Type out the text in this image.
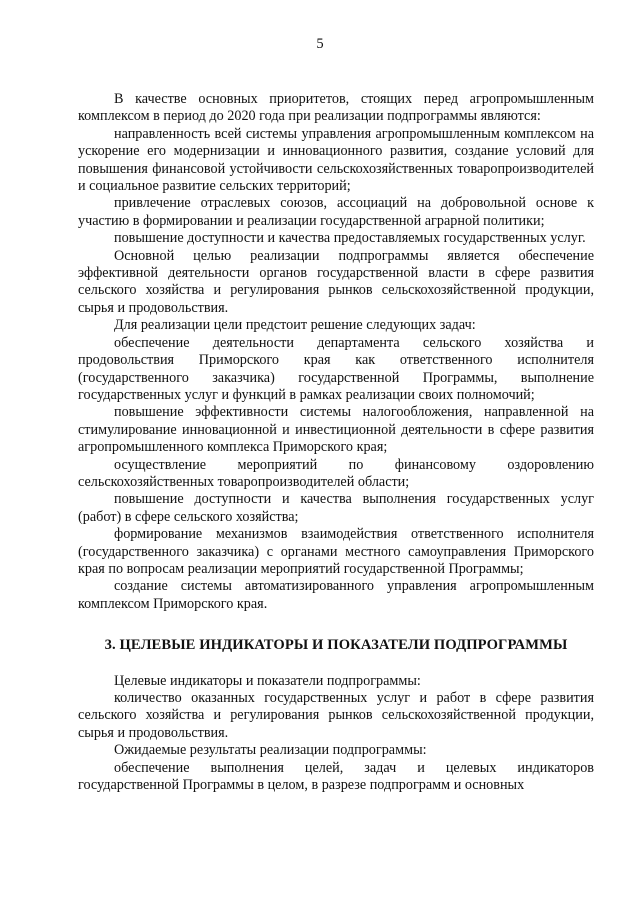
5

В качестве основных приоритетов, стоящих перед агропромышленным комплексом в период до 2020 года при реализации подпрограммы являются:

направленность всей системы управления агропромышленным комплексом на ускорение его модернизации и инновационного развития, создание условий для повышения финансовой устойчивости сельскохозяйственных товаропроизводителей и социальное развитие сельских территорий;

привлечение отраслевых союзов, ассоциаций на добровольной основе к участию в формировании и реализации государственной аграрной политики;

повышение доступности и качества предоставляемых государственных услуг.

Основной целью реализации подпрограммы является обеспечение эффективной деятельности органов государственной власти в сфере развития сельского хозяйства и регулирования рынков сельскохозяйственной продукции, сырья и продовольствия.

Для реализации цели предстоит решение следующих задач:

обеспечение деятельности департамента сельского хозяйства и продовольствия Приморского края как ответственного исполнителя (государственного заказчика) государственной Программы, выполнение государственных услуг и функций в рамках реализации своих полномочий;

повышение эффективности системы налогообложения, направленной на стимулирование инновационной и инвестиционной деятельности в сфере развития агропромышленного комплекса Приморского края;

осуществление мероприятий по финансовому оздоровлению сельскохозяйственных товаропроизводителей области;

повышение доступности и качества выполнения государственных услуг (работ) в сфере сельского хозяйства;

формирование механизмов взаимодействия ответственного исполнителя (государственного заказчика) с органами местного самоуправления Приморского края по вопросам реализации мероприятий государственной Программы;

создание системы автоматизированного управления агропромышленным комплексом Приморского края.

3. ЦЕЛЕВЫЕ ИНДИКАТОРЫ И ПОКАЗАТЕЛИ ПОДПРОГРАММЫ

Целевые индикаторы и показатели подпрограммы:

количество оказанных государственных услуг и работ в сфере развития сельского хозяйства и регулирования рынков сельскохозяйственной продукции, сырья и продовольствия.

Ожидаемые результаты реализации подпрограммы:

обеспечение выполнения целей, задач и целевых индикаторов государственной Программы в целом, в разрезе подпрограмм и основных
